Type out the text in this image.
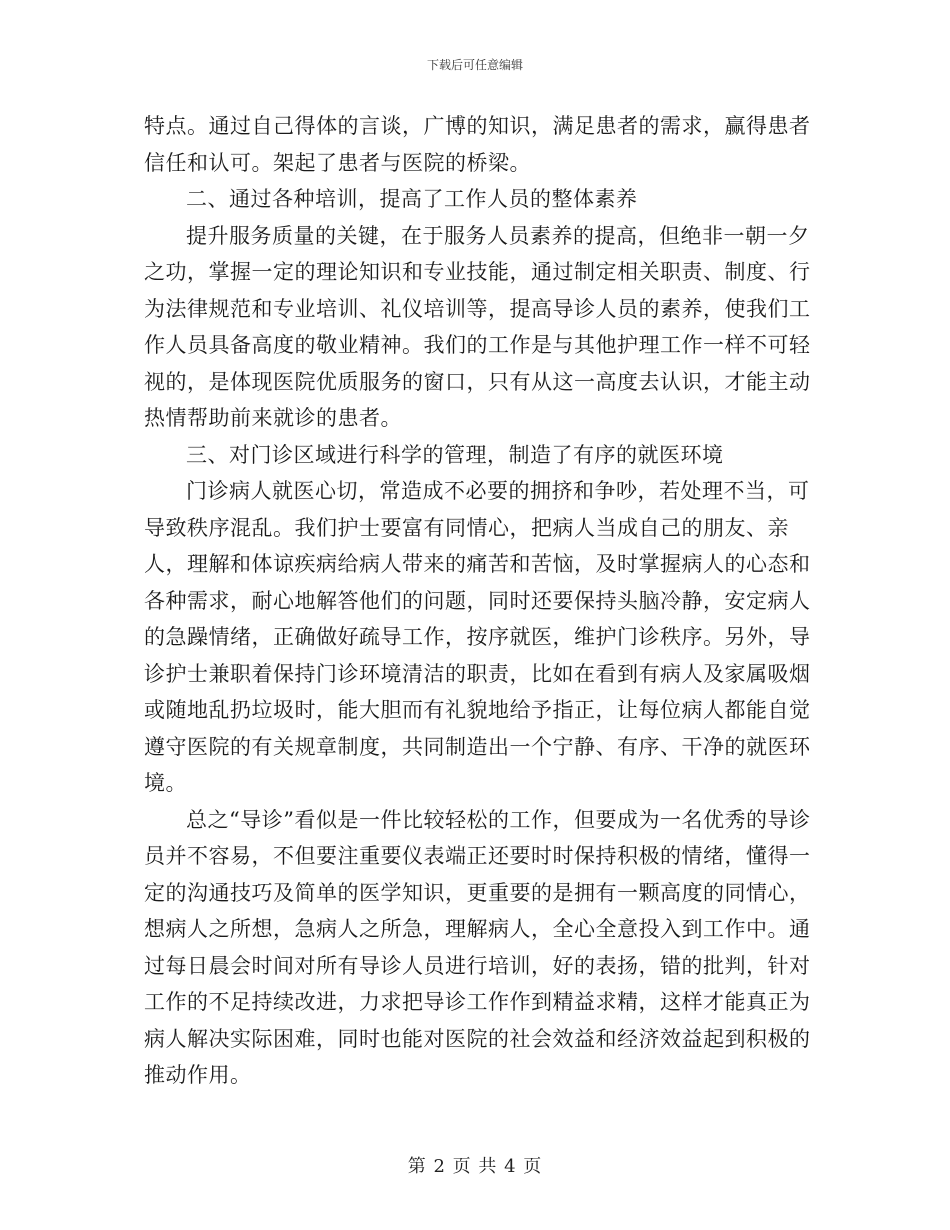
下载后可任意编辑

特点。通过自己得体的言谈，广博的知识，满足患者的需求，赢得患者信任和认可。架起了患者与医院的桥梁。

二、通过各种培训，提高了工作人员的整体素养

提升服务质量的关键，在于服务人员素养的提高，但绝非一朝一夕之功，掌握一定的理论知识和专业技能，通过制定相关职责、制度、行为法律规范和专业培训、礼仪培训等，提高导诊人员的素养，使我们工作人员具备高度的敬业精神。我们的工作是与其他护理工作一样不可轻视的，是体现医院优质服务的窗口，只有从这一高度去认识，才能主动热情帮助前来就诊的患者。

三、对门诊区域进行科学的管理，制造了有序的就医环境

门诊病人就医心切，常造成不必要的拥挤和争吵，若处理不当，可导致秩序混乱。我们护士要富有同情心，把病人当成自己的朋友、亲人，理解和体谅疾病给病人带来的痛苦和苦恼，及时掌握病人的心态和各种需求，耐心地解答他们的问题，同时还要保持头脑冷静，安定病人的急躁情绪，正确做好疏导工作，按序就医，维护门诊秩序。另外，导诊护士兼职着保持门诊环境清洁的职责，比如在看到有病人及家属吸烟或随地乱扔垃圾时，能大胆而有礼貌地给予指正，让每位病人都能自觉遵守医院的有关规章制度，共同制造出一个宁静、有序、干净的就医环境。

总之“导诊”看似是一件比较轻松的工作，但要成为一名优秀的导诊员并不容易，不但要注重要仪表端正还要时时保持积极的情绪，懂得一定的沟通技巧及简单的医学知识，更重要的是拥有一颗高度的同情心，想病人之所想，急病人之所急，理解病人，全心全意投入到工作中。通过每日晨会时间对所有导诊人员进行培训，好的表扬，错的批判，针对工作的不足持续改进，力求把导诊工作作到精益求精，这样才能真正为病人解决实际困难，同时也能对医院的社会效益和经济效益起到积极的推动作用。

第 2 页 共 4 页
